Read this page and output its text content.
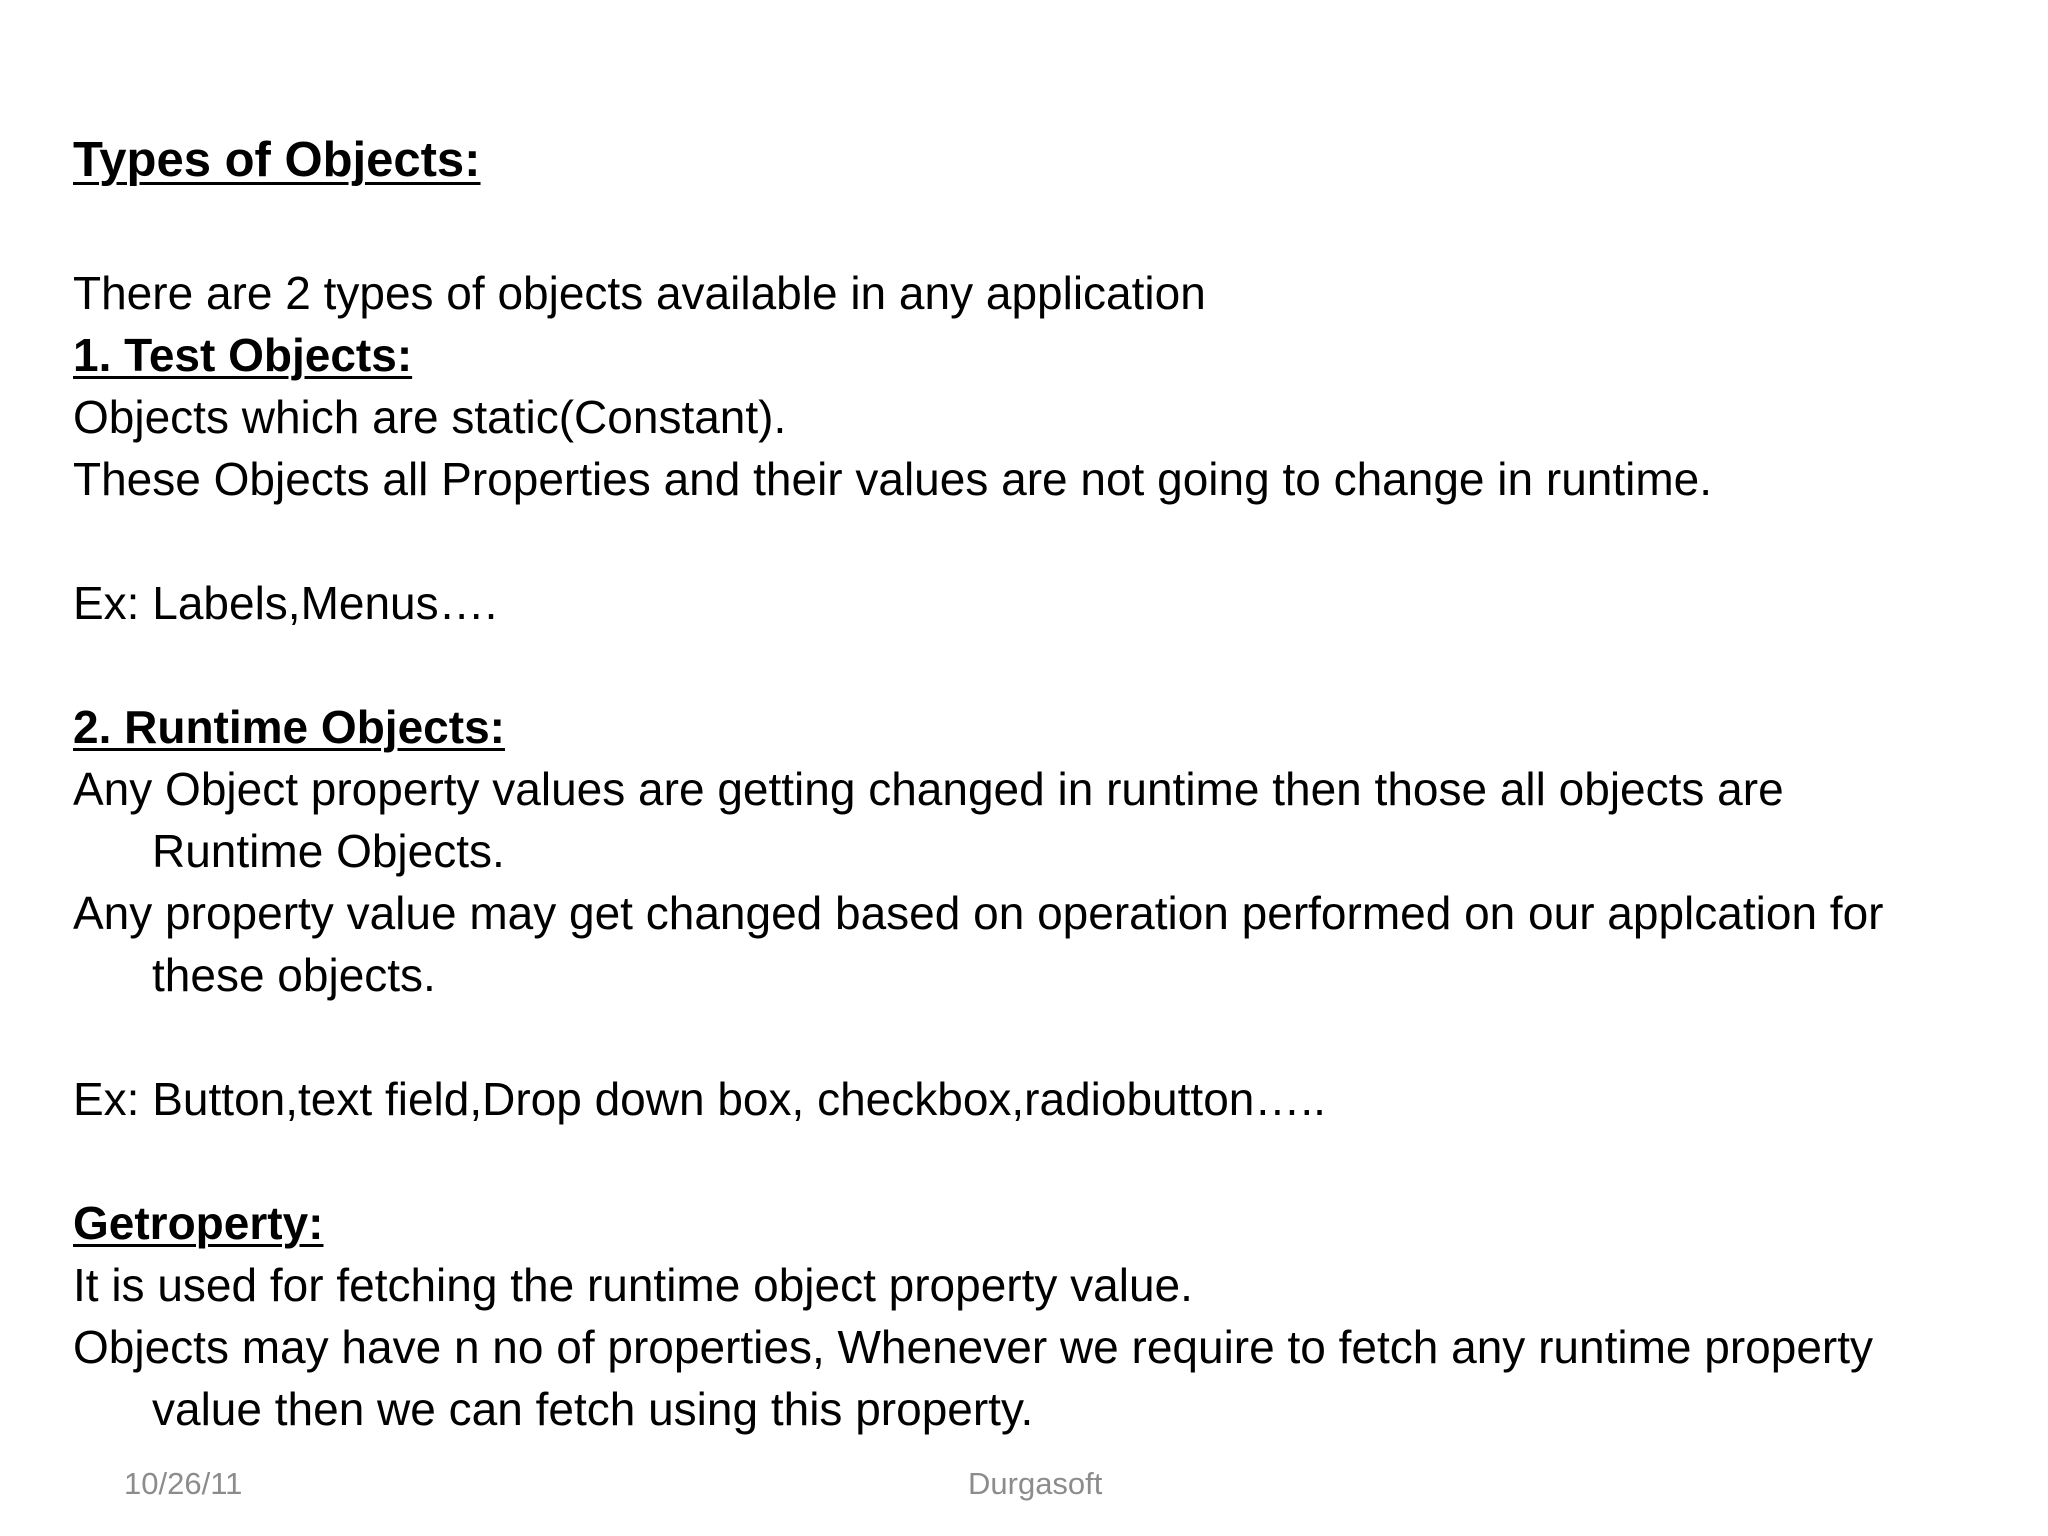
Types of Objects:
There are 2 types of objects available in any application
1. Test Objects:
Objects which are static(Constant).
These Objects all Properties and their values are not going to change in runtime.
Ex: Labels,Menus….
2. Runtime Objects:
Any Object property values are getting changed in runtime then those all objects are
Runtime Objects.
Any property value may get changed based on operation performed on our applcation for
these objects.
Ex: Button,text field,Drop down box, checkbox,radiobutton…..
Getroperty:
It is used for fetching the runtime object property value.
Objects may have n no of properties, Whenever we require to fetch any runtime property
value then we can fetch using this property.
10/26/11	Durgasoft
